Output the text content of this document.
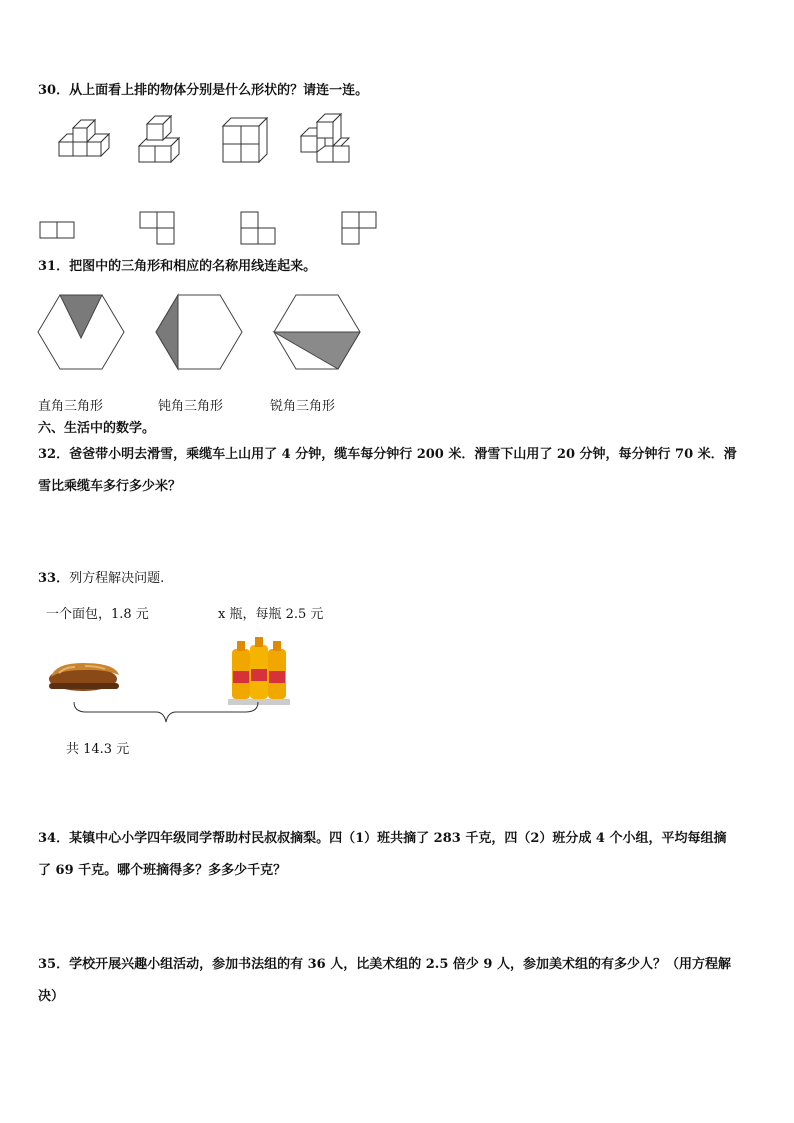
30．从上面看上排的物体分别是什么形状的？请连一连。
31．把图中的三角形和相应的名称用线连起来。
直角三角形	钝角三角形	锐角三角形
六、生活中的数学。
32．爸爸带小明去滑雪，乘缆车上山用了 4 分钟，缆车每分钟行 200 米．滑雪下山用了 20 分钟，每分钟行 70 米．滑
雪比乘缆车多行多少米？
33．列方程解决问题.
一个面包，1.8 元	x 瓶，每瓶 2.5 元
共 14.3 元
34．某镇中心小学四年级同学帮助村民叔叔摘梨。四（1）班共摘了 283 千克，四（2）班分成 4 个小组，平均每组摘
了 69 千克。哪个班摘得多？多多少千克？
35．学校开展兴趣小组活动，参加书法组的有 36 人，比美术组的 2.5 倍少 9 人，参加美术组的有多少人？（用方程解
决）
